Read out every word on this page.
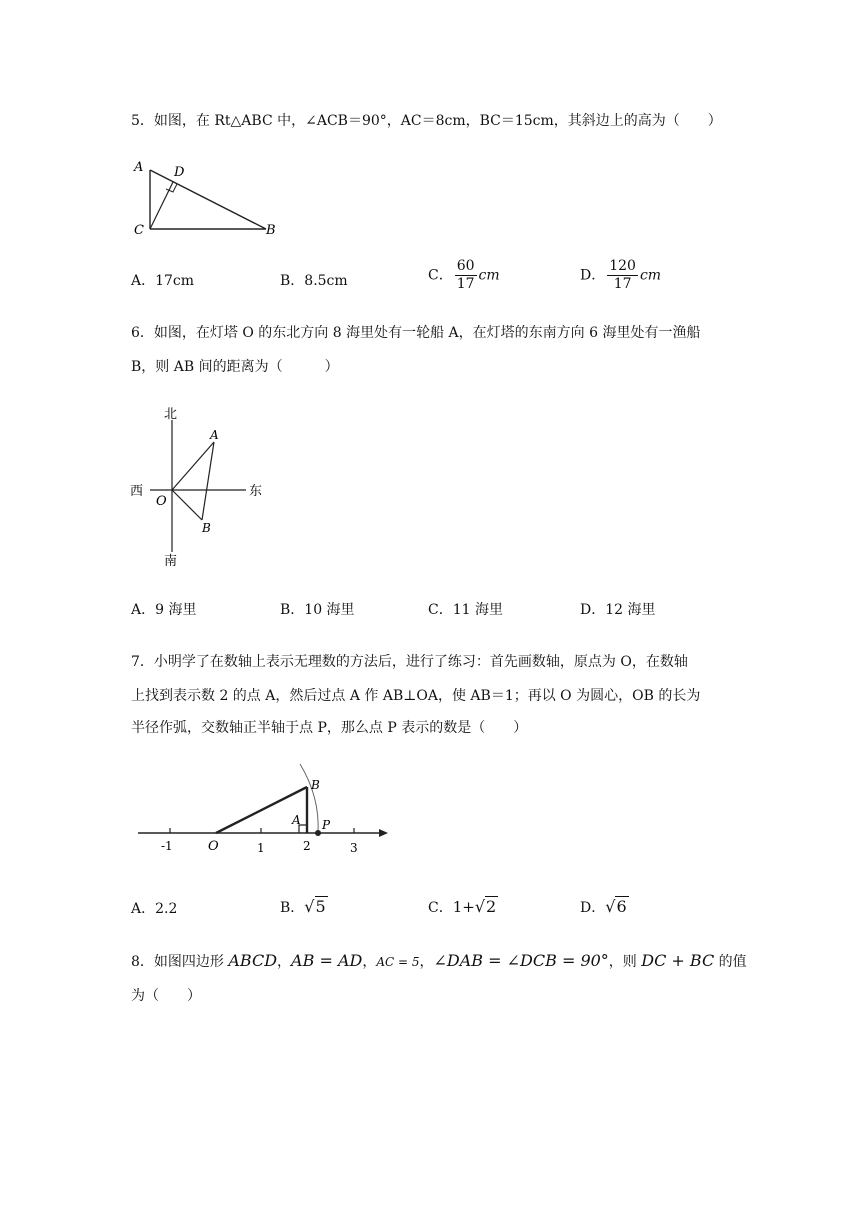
5．如图，在 Rt△ABC 中，∠ACB＝90°，AC＝8cm，BC＝15cm，其斜边上的高为（　　）
A D
C	B
A．17cm	B．8.5cm	C． $\frac{60}{17}$ cm	D． $\frac{120}{17}$ cm
6．如图，在灯塔 O 的东北方向 8 海里处有一轮船 A，在灯塔的东南方向 6 海里处有一渔船
B，则 AB 间的距离为（　　　）
北
南
西	东
O
A
B
A．9 海里	B．10 海里	C．11 海里	D．12 海里
7．小明学了在数轴上表示无理数的方法后，进行了练习：首先画数轴，原点为 O，在数轴
上找到表示数 2 的点 A，然后过点 A 作 AB⊥OA，使 AB＝1；再以 O 为圆心，OB 的长为
半径作弧，交数轴正半轴于点 P，那么点 P 表示的数是（　　）
-1	O	1	2	3
A
B
P
A．2.2	B．√5	C．1+√2	D．√6
8．如图四边形 ABCD，AB = AD，AC = 5，∠DAB = ∠DCB = 90°，则 DC + BC 的值
为（　　）
